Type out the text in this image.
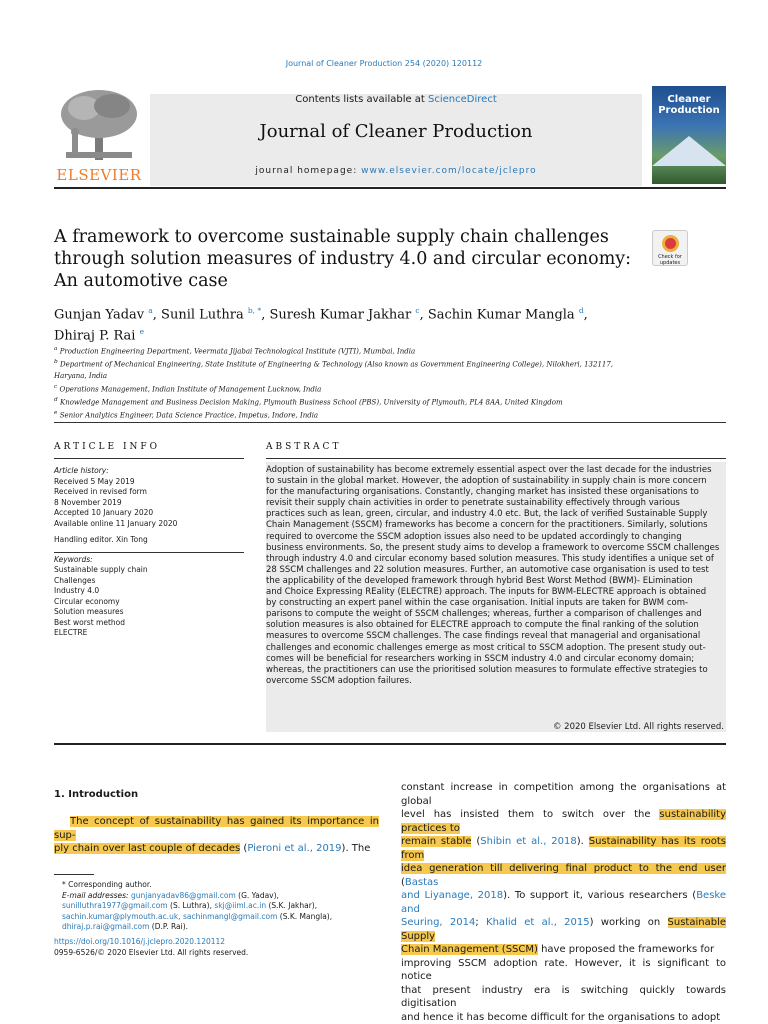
Journal of Cleaner Production 254 (2020) 120112
ELSEVIER
Contents lists available at ScienceDirect
Journal of Cleaner Production
journal homepage: www.elsevier.com/locate/jclepro
Cleaner
Production
A framework to overcome sustainable supply chain challenges through solution measures of industry 4.0 and circular economy: An automotive case
Check for
updates
Gunjan Yadav $^a$, Sunil Luthra $^{b, *}$, Suresh Kumar Jakhar $^c$, Sachin Kumar Mangla $^d$,
Dhiraj P. Rai $^e$
$^a$ Production Engineering Department, Veermata Jijabai Technological Institute (VJTI), Mumbai, India
$^b$ Department of Mechanical Engineering, State Institute of Engineering & Technology (Also known as Government Engineering College), Nilokheri, 132117, Haryana, India
$^c$ Operations Management, Indian Institute of Management Lucknow, India
$^d$ Knowledge Management and Business Decision Making, Plymouth Business School (PBS), University of Plymouth, PL4 8AA, United Kingdom
$^e$ Senior Analytics Engineer, Data Science Practice, Impetus, Indore, India
ARTICLE INFO
Article history:
Received 5 May 2019
Received in revised form
8 November 2019
Accepted 10 January 2020
Available online 11 January 2020
Handling editor. Xin Tong
Keywords:
Sustainable supply chain
Challenges
Industry 4.0
Circular economy
Solution measures
Best worst method
ELECTRE
ABSTRACT
Adoption of sustainability has become extremely essential aspect over the last decade for the industries
to sustain in the global market. However, the adoption of sustainability in supply chain is more concern
for the manufacturing organisations. Constantly, changing market has insisted these organisations to
revisit their supply chain activities in order to penetrate sustainability effectively through various
practices such as lean, green, circular, and industry 4.0 etc. But, the lack of verified Sustainable Supply
Chain Management (SSCM) frameworks has become a concern for the practitioners. Similarly, solutions
required to overcome the SSCM adoption issues also need to be updated accordingly to changing
business environments. So, the present study aims to develop a framework to overcome SSCM challenges
through industry 4.0 and circular economy based solution measures. This study identifies a unique set of
28 SSCM challenges and 22 solution measures. Further, an automotive case organisation is used to test
the applicability of the developed framework through hybrid Best Worst Method (BWM)- ELimination
and Choice Expressing REality (ELECTRE) approach. The inputs for BWM-ELECTRE approach is obtained
by constructing an expert panel within the case organisation. Initial inputs are taken for BWM com-
parisons to compute the weight of SSCM challenges; whereas, further a comparison of challenges and
solution measures is also obtained for ELECTRE approach to compute the final ranking of the solution
measures to overcome SSCM challenges. The case findings reveal that managerial and organisational
challenges and economic challenges emerge as most critical to SSCM adoption. The present study out-
comes will be beneficial for researchers working in SSCM industry 4.0 and circular economy domain;
whereas, the practitioners can use the prioritised solution measures to formulate effective strategies to
overcome SSCM adoption failures.
© 2020 Elsevier Ltd. All rights reserved.
1. Introduction
The concept of sustainability has gained its importance in sup-
ply chain over last couple of decades (Pieroni et al., 2019). The
* Corresponding author.
E-mail addresses: gunjanyadav86@gmail.com (G. Yadav), sunilluthra1977@gmail.com (S. Luthra), skj@iiml.ac.in (S.K. Jakhar), sachin.kumar@plymouth.ac.uk, sachinmangl@gmail.com (S.K. Mangla), dhiraj.p.rai@gmail.com (D.P. Rai).
https://doi.org/10.1016/j.jclepro.2020.120112
0959-6526/© 2020 Elsevier Ltd. All rights reserved.
constant increase in competition among the organisations at global
level has insisted them to switch over the sustainability practices to
remain stable (Shibin et al., 2018). Sustainability has its roots from
idea generation till delivering final product to the end user (Bastas
and Liyanage, 2018). To support it, various researchers (Beske and
Seuring, 2014; Khalid et al., 2015) working on Sustainable Supply
Chain Management (SSCM) have proposed the frameworks for
improving SSCM adoption rate. However, it is significant to notice
that present industry era is switching quickly towards digitisation
and hence it has become difficult for the organisations to adopt
